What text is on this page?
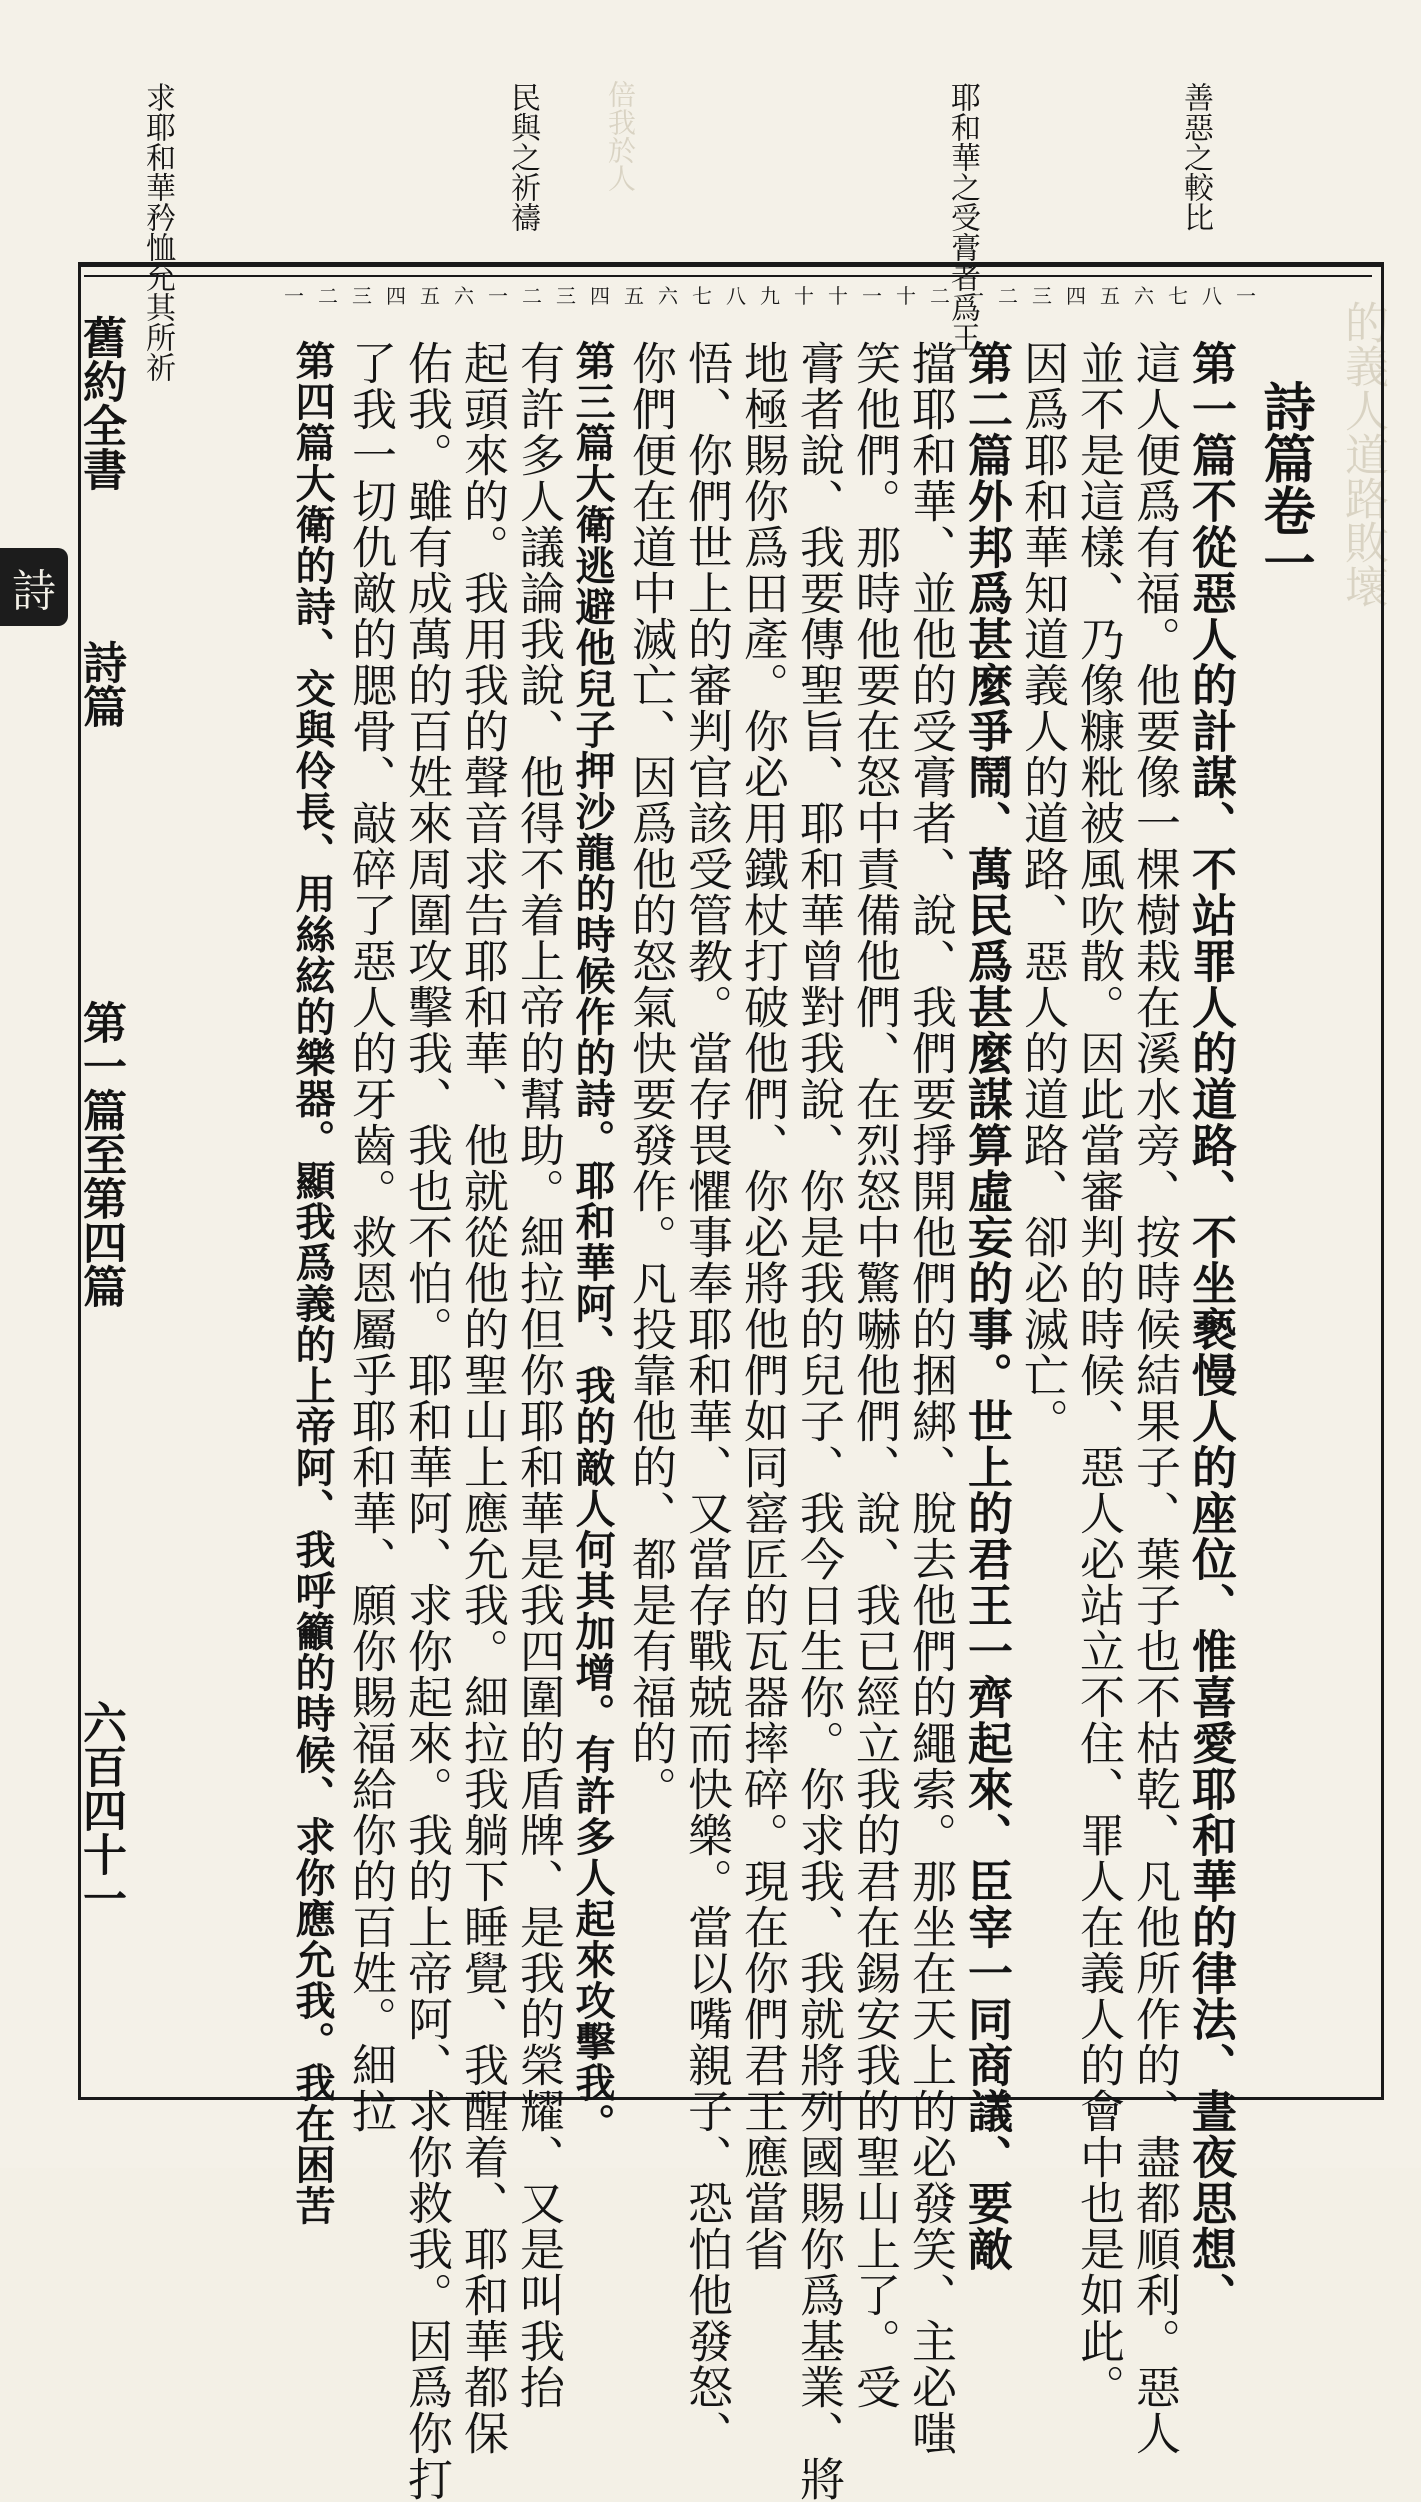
的義人道路敗壞
倍我於人	善惡之較比
耶和華之受膏者爲王
民與之祈禱
求耶和華矜恤允其所祈	一二三四五六一二三四五六七八九十十一十二一二三四五六七八一
詩篇卷一
第一篇不從惡人的計謀、不站罪人的道路、不坐褻慢人的座位、惟喜愛耶和華的律法、晝夜思想、
這人便爲有福。他要像一棵樹栽在溪水旁、按時候結果子、葉子也不枯乾、凡他所作的、盡都順利。惡人
並不是這樣、乃像糠粃被風吹散。因此當審判的時候、惡人必站立不住、罪人在義人的會中也是如此。
因爲耶和華知道義人的道路、惡人的道路、卻必滅亡。
第二篇外邦爲甚麼爭鬧、萬民爲甚麼謀算虛妄的事。世上的君王一齊起來、臣宰一同商議、要敵
擋耶和華、並他的受膏者、說、我們要掙開他們的捆綁、脫去他們的繩索。那坐在天上的必發笑、主必嗤
笑他們。那時他要在怒中責備他們、在烈怒中驚嚇他們、說、我已經立我的君在錫安我的聖山上了。受
膏者說、我要傳聖旨、耶和華曾對我說、你是我的兒子、我今日生你。你求我、我就將列國賜你爲基業、將
地極賜你爲田產。你必用鐵杖打破他們、你必將他們如同窰匠的瓦器摔碎。現在你們君王應當省
悟、你們世上的審判官該受管教。當存畏懼事奉耶和華、又當存戰兢而快樂。當以嘴親子、恐怕他發怒、
你們便在道中滅亡、因爲他的怒氣快要發作。凡投靠他的、都是有福的。
第三篇大衛逃避他兒子押沙龍的時候作的詩。耶和華阿、我的敵人何其加增。有許多人起來攻擊我。
有許多人議論我說、他得不着上帝的幫助。細拉但你耶和華是我四圍的盾牌、是我的榮耀、又是叫我抬
起頭來的。我用我的聲音求告耶和華、他就從他的聖山上應允我。細拉我躺下睡覺、我醒着、耶和華都保
佑我。雖有成萬的百姓來周圍攻擊我、我也不怕。耶和華阿、求你起來。我的上帝阿、求你救我。因爲你打
了我一切仇敵的腮骨、敲碎了惡人的牙齒。救恩屬乎耶和華、願你賜福給你的百姓。細拉
第四篇大衛的詩、交與伶長、用絲絃的樂器。顯我爲義的上帝阿、我呼籲的時候、求你應允我。我在困苦
舊約全書
詩
詩篇
第一篇至第四篇
六百四十一
